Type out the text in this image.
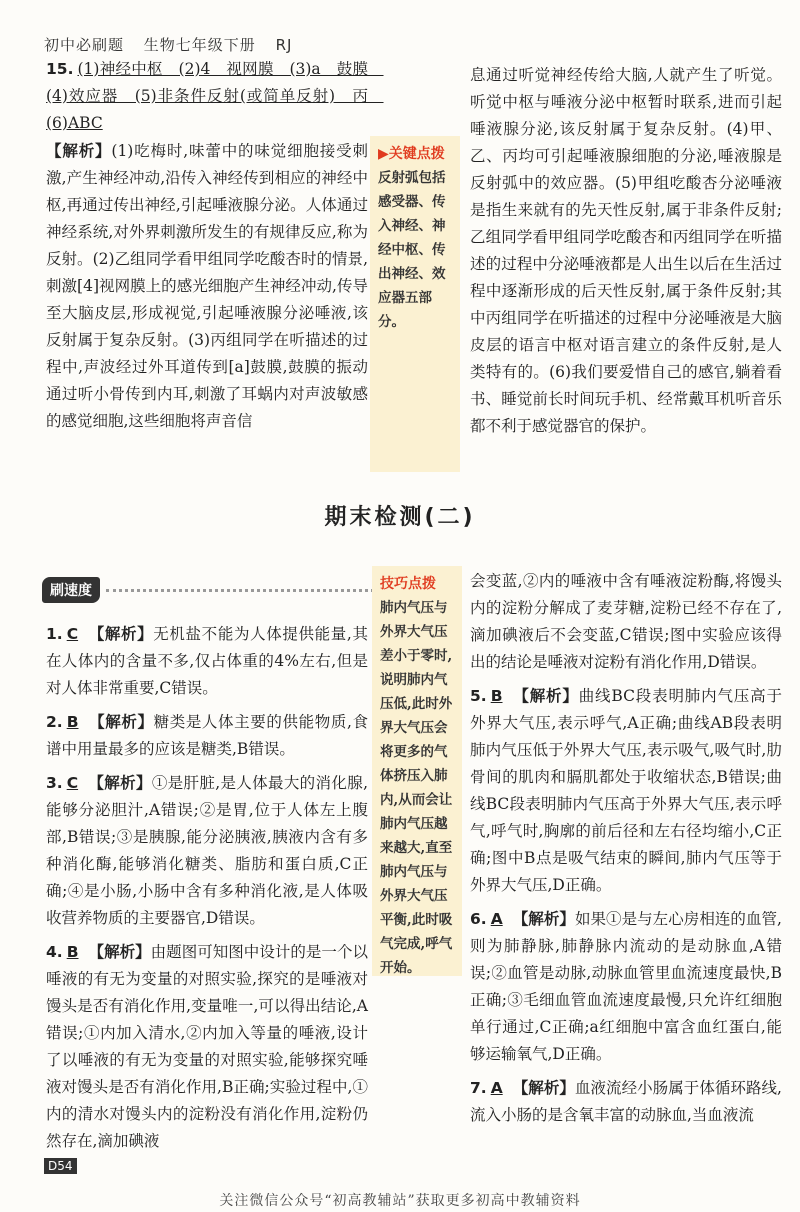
初中必刷题 生物七年级下册 RJ

15. (1)神经中枢　(2)4　视网膜　(3)a　鼓膜　(4)效应器　(5)非条件反射(或简单反射)　丙　(6)ABC

【解析】(1)吃梅时,味蕾中的味觉细胞接受刺激,产生神经冲动,沿传入神经传到相应的神经中枢,再通过传出神经,引起唾液腺分泌。人体通过神经系统,对外界刺激所发生的有规律反应,称为反射。(2)乙组同学看甲组同学吃酸杏时的情景,刺激[4]视网膜上的感光细胞产生神经冲动,传导至大脑皮层,形成视觉,引起唾液腺分泌唾液,该反射属于复杂反射。(3)丙组同学在听描述的过程中,声波经过外耳道传到[a]鼓膜,鼓膜的振动通过听小骨传到内耳,刺激了耳蜗内对声波敏感的感觉细胞,这些细胞将声音信

▶关键点拨

反射弧包括感受器、传入神经、神经中枢、传出神经、效应器五部分。

息通过听觉神经传给大脑,人就产生了听觉。听觉中枢与唾液分泌中枢暂时联系,进而引起唾液腺分泌,该反射属于复杂反射。(4)甲、乙、丙均可引起唾液腺细胞的分泌,唾液腺是反射弧中的效应器。(5)甲组吃酸杏分泌唾液是指生来就有的先天性反射,属于非条件反射;乙组同学看甲组同学吃酸杏和丙组同学在听描述的过程中分泌唾液都是人出生以后在生活过程中逐渐形成的后天性反射,属于条件反射;其中丙组同学在听描述的过程中分泌唾液是大脑皮层的语言中枢对语言建立的条件反射,是人类特有的。(6)我们要爱惜自己的感官,躺着看书、睡觉前长时间玩手机、经常戴耳机听音乐都不利于感觉器官的保护。

期末检测(二)
刷速度

1. C 【解析】无机盐不能为人体提供能量,其在人体内的含量不多,仅占体重的4%左右,但是对人体非常重要,C错误。

2. B 【解析】糖类是人体主要的供能物质,食谱中用量最多的应该是糖类,B错误。

3. C 【解析】①是肝脏,是人体最大的消化腺,能够分泌胆汁,A错误;②是胃,位于人体左上腹部,B错误;③是胰腺,能分泌胰液,胰液内含有多种消化酶,能够消化糖类、脂肪和蛋白质,C正确;④是小肠,小肠中含有多种消化液,是人体吸收营养物质的主要器官,D错误。

4. B 【解析】由题图可知图中设计的是一个以唾液的有无为变量的对照实验,探究的是唾液对馒头是否有消化作用,变量唯一,可以得出结论,A错误;①内加入清水,②内加入等量的唾液,设计了以唾液的有无为变量的对照实验,能够探究唾液对馒头是否有消化作用,B正确;实验过程中,①内的清水对馒头内的淀粉没有消化作用,淀粉仍然存在,滴加碘液

技巧点拨

肺内气压与外界大气压差小于零时,说明肺内气压低,此时外界大气压会将更多的气体挤压入肺内,从而会让肺内气压越来越大,直至肺内气压与外界大气压平衡,此时吸气完成,呼气开始。

会变蓝,②内的唾液中含有唾液淀粉酶,将馒头内的淀粉分解成了麦芽糖,淀粉已经不存在了,滴加碘液后不会变蓝,C错误;图中实验应该得出的结论是唾液对淀粉有消化作用,D错误。

5. B 【解析】曲线BC段表明肺内气压高于外界大气压,表示呼气,A正确;曲线AB段表明肺内气压低于外界大气压,表示吸气,吸气时,肋骨间的肌肉和膈肌都处于收缩状态,B错误;曲线BC段表明肺内气压高于外界大气压,表示呼气,呼气时,胸廓的前后径和左右径均缩小,C正确;图中B点是吸气结束的瞬间,肺内气压等于外界大气压,D正确。

6. A 【解析】如果①是与左心房相连的血管,则为肺静脉,肺静脉内流动的是动脉血,A错误;②血管是动脉,动脉血管里血流速度最快,B正确;③毛细血管血流速度最慢,只允许红细胞单行通过,C正确;a红细胞中富含血红蛋白,能够运输氧气,D正确。

7. A 【解析】血液流经小肠属于体循环路线,流入小肠的是含氧丰富的动脉血,当血液流

D54
关注微信公众号“初高教辅站”获取更多初高中教辅资料
